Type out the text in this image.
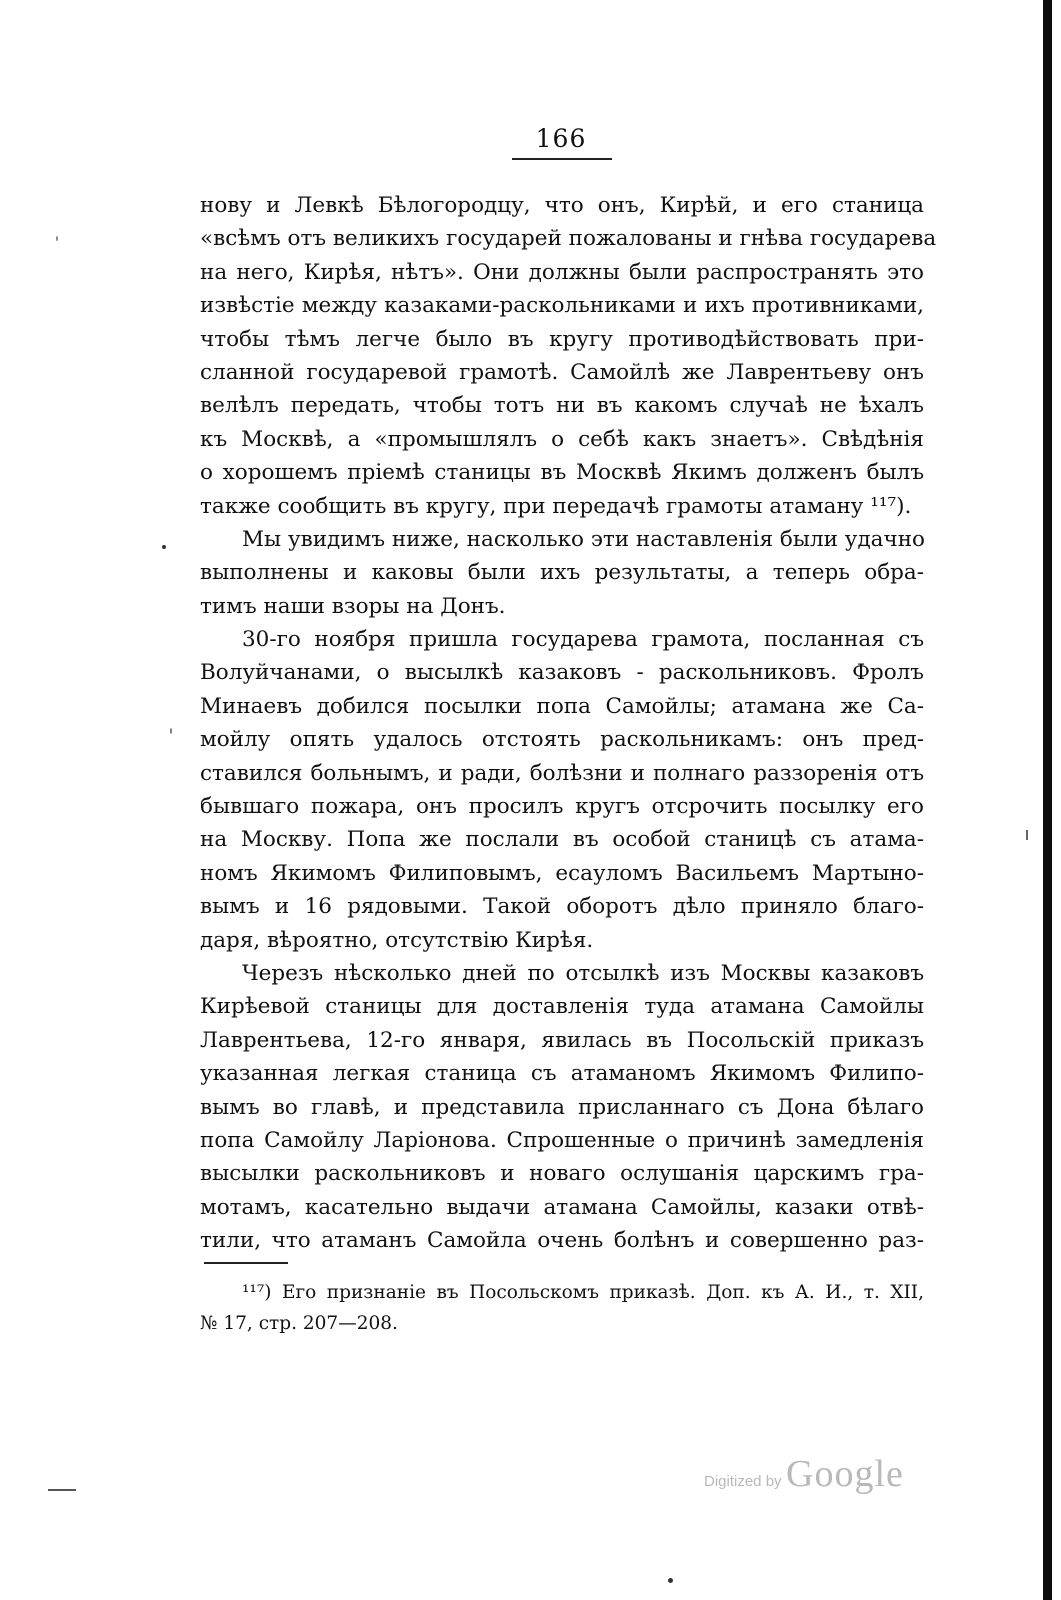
166
нову и Левкѣ Бѣлогородцу, что онъ, Кирѣй, и его станица
«всѣмъ отъ великихъ государей пожалованы и гнѣва государева
на него, Кирѣя, нѣтъ». Они должны были распространять это
извѣстіе между казаками-раскольниками и ихъ противниками,
чтобы тѣмъ легче было въ кругу противодѣйствовать при-
сланной государевой грамотѣ. Самойлѣ же Лаврентьеву онъ
велѣлъ передать, чтобы тотъ ни въ какомъ случаѣ не ѣхалъ
къ Москвѣ, а «промышлялъ о себѣ какъ знаетъ». Свѣдѣнія
о хорошемъ пріемѣ станицы въ Москвѣ Якимъ долженъ былъ
также сообщить въ кругу, при передачѣ грамоты атаману ¹¹⁷).
Мы увидимъ ниже, насколько эти наставленія были удачно
выполнены и каковы были ихъ результаты, а теперь обра-
тимъ наши взоры на Донъ.
30-го ноября пришла государева грамота, посланная съ
Волуйчанами, о высылкѣ казаковъ - раскольниковъ. Фролъ
Минаевъ добился посылки попа Самойлы; атамана же Са-
мойлу опять удалось отстоять раскольникамъ: онъ пред-
ставился больнымъ, и ради, болѣзни и полнаго раззоренія отъ
бывшаго пожара, онъ просилъ кругъ отсрочить посылку его
на Москву. Попа же послали въ особой станицѣ съ атама-
номъ Якимомъ Филиповымъ, есауломъ Васильемъ Мартыно-
вымъ и 16 рядовыми. Такой оборотъ дѣло приняло благо-
даря, вѣроятно, отсутствію Кирѣя.
Черезъ нѣсколько дней по отсылкѣ изъ Москвы казаковъ
Кирѣевой станицы для доставленія туда атамана Самойлы
Лаврентьева, 12-го января, явилась въ Посольскій приказъ
указанная легкая станица съ атаманомъ Якимомъ Филипо-
вымъ во главѣ, и представила присланнаго съ Дона бѣлаго
попа Самойлу Ларіонова. Спрошенные о причинѣ замедленія
высылки раскольниковъ и новаго ослушанія царскимъ гра-
мотамъ, касательно выдачи атамана Самойлы, казаки отвѣ-
тили, что атаманъ Самойла очень болѣнъ и совершенно раз-
¹¹⁷) Его признаніе въ Посольскомъ приказѣ. Доп. къ А. И., т. XII,
№ 17, стр. 207—208.
Digitized by Google
